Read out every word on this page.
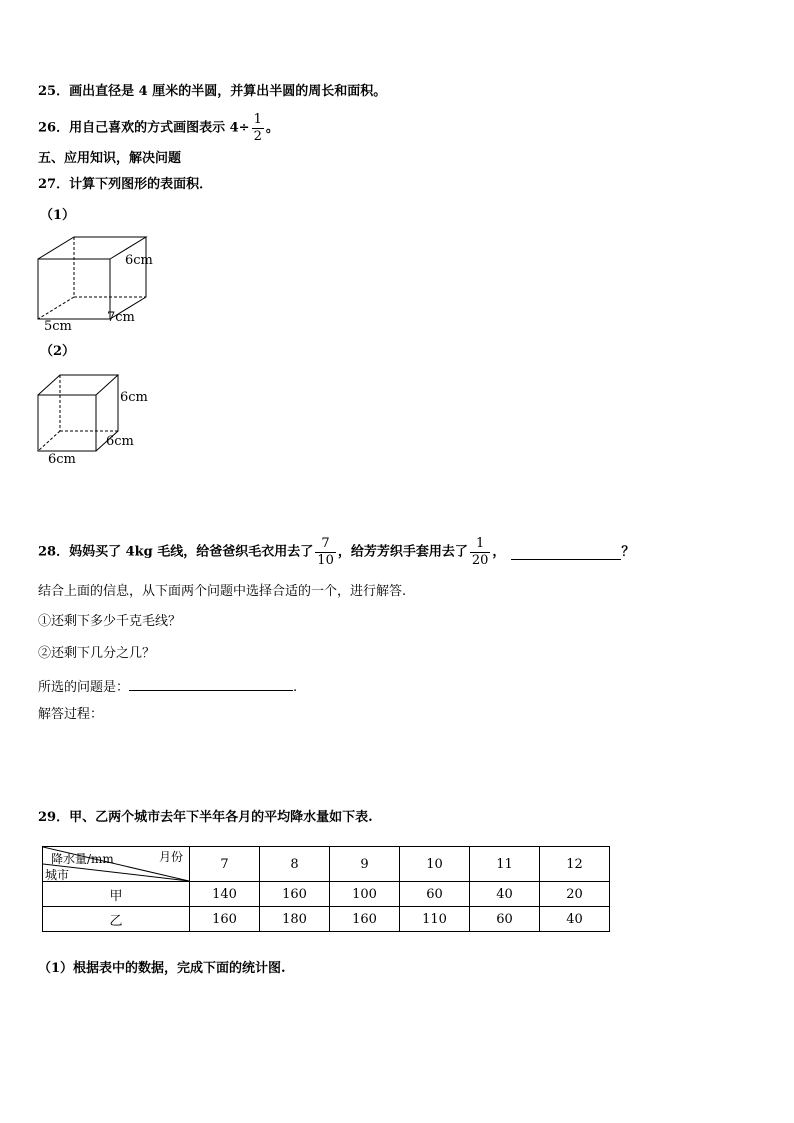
25．画出直径是 4 厘米的半圆，并算出半圆的周长和面积。
26．用自己喜欢的方式画图表示 $4\div \frac{1}{2}$ 。
五、应用知识，解决问题
27．计算下列图形的表面积．
（1）
6cm
7cm
5cm
（2）
6cm
6cm
6cm
28．妈妈买了 4kg 毛线，给爸爸织毛衣用去了 $\frac{7}{10}$ ，给芳芳织手套用去了 $\frac{1}{20}$ ，	？
结合上面的信息，从下面两个问题中选择合适的一个，进行解答.
①还剩下多少千克毛线？
②还剩下几分之几？
所选的问题是：	.
解答过程：
29．甲、乙两个城市去年下半年各月的平均降水量如下表.
降水量/mm 月份
城市	7	8	9	10	11	12
甲	140	160	100	60	40	20
乙	160	180	160	110	60	40
（1）根据表中的数据，完成下面的统计图.
